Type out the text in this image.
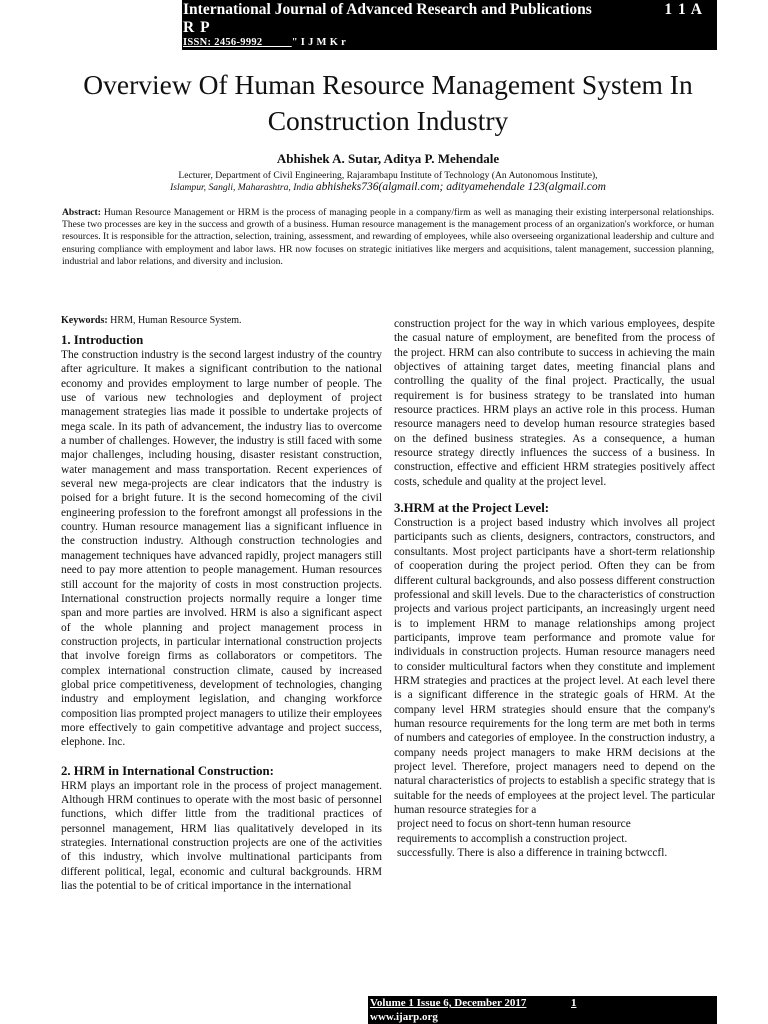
International Journal of Advanced Research and Publications	1 1 A
R P
ISSN: 2456-9992	" I J M K r
Overview Of Human Resource Management System In Construction Industry
Abhishek A. Sutar, Aditya P. Mehendale
Lecturer, Department of Civil Engineering, Rajarambapu Institute of Technology (An Autonomous Institute),
Islampur, Sangli, Maharashtra, India abhisheks736(algmail.com; adityamehendale 123(algmail.com
Abstract: Human Resource Management or HRM is the process of managing people in a company/firm as well as managing their existing interpersonal relationships. These two processes are key in the success and growth of a business. Human resource management is the management process of an organization's workforce, or human resources. It is responsible for the attraction, selection, training, assessment, and rewarding of employees, while also overseeing organizational leadership and culture and ensuring compliance with employment and labor laws. HR now focuses on strategic initiatives like mergers and acquisitions, talent management, succession planning, industrial and labor relations, and diversity and inclusion.

Keywords: HRM, Human Resource System.

1. Introduction

The construction industry is the second largest industry of the country after agriculture. It makes a significant contribution to the national economy and provides employment to large number of people. The use of various new technologies and deployment of project management strategies lias made it possible to undertake projects of mega scale. In its path of advancement, the industry lias to overcome a number of challenges. However, the industry is still faced with some major challenges, including housing, disaster resistant construction, water management and mass transportation. Recent experiences of several new mega-projects are clear indicators that the industry is poised for a bright future. It is the second homecoming of the civil engineering profession to the forefront amongst all professions in the country. Human resource management lias a significant influence in the construction industry. Although construction technologies and management techniques have advanced rapidly, project managers still need to pay more attention to people management. Human resources still account for the majority of costs in most construction projects. International construction projects normally require a longer time span and more parties are involved. HRM is also a significant aspect of the whole planning and project management process in construction projects, in particular international construction projects that involve foreign firms as collaborators or competitors. The complex international construction climate, caused by increased global price competitiveness, development of technologies, changing industry and employment legislation, and changing workforce composition lias prompted project managers to utilize their employees more effectively to gain competitive advantage and project success, elephone. Inc.

2. HRM in International Construction:

HRM plays an important role in the process of project management. Although HRM continues to operate with the most basic of personnel functions, which differ little from the traditional practices of personnel management, HRM lias qualitatively developed in its strategies. International construction projects are one of the activities of this industry, which involve multinational participants from different political, legal, economic and cultural backgrounds. HRM lias the potential to be of critical importance in the international

construction project for the way in which various employees, despite the casual nature of employment, are benefited from the process of the project. HRM can also contribute to success in achieving the main objectives of attaining target dates, meeting financial plans and controlling the quality of the final project. Practically, the usual requirement is for business strategy to be translated into human resource practices. HRM plays an active role in this process. Human resource managers need to develop human resource strategies based on the defined business strategies. As a consequence, a human resource strategy directly influences the success of a business. In construction, effective and efficient HRM strategies positively affect costs, schedule and quality at the project level.

3.HRM at the Project Level:

Construction is a project based industry which involves all project participants such as clients, designers, contractors, constructors, and consultants. Most project participants have a short-term relationship of cooperation during the project period. Often they can be from different cultural backgrounds, and also possess different construction professional and skill levels. Due to the characteristics of construction projects and various project participants, an increasingly urgent need is to implement HRM to manage relationships among project participants, improve team performance and promote value for individuals in construction projects. Human resource managers need to consider multicultural factors when they constitute and implement HRM strategies and practices at the project level. At each level there is a significant difference in the strategic goals of HRM. At the company level HRM strategies should ensure that the company's human resource requirements for the long term are met both in terms of numbers and categories of employee. In the construction industry, a company needs project managers to make HRM decisions at the project level. Therefore, project managers need to depend on the natural characteristics of projects to establish a specific strategy that is suitable for the needs of employees at the project level. The particular human resource strategies for a

project need to focus on short-tenn human resource
requirements to accomplish a construction project.
successfully. There is also a difference in training bctwccfl.
Volume 1 Issue 6, December 2017	1
www.ijarp.org
